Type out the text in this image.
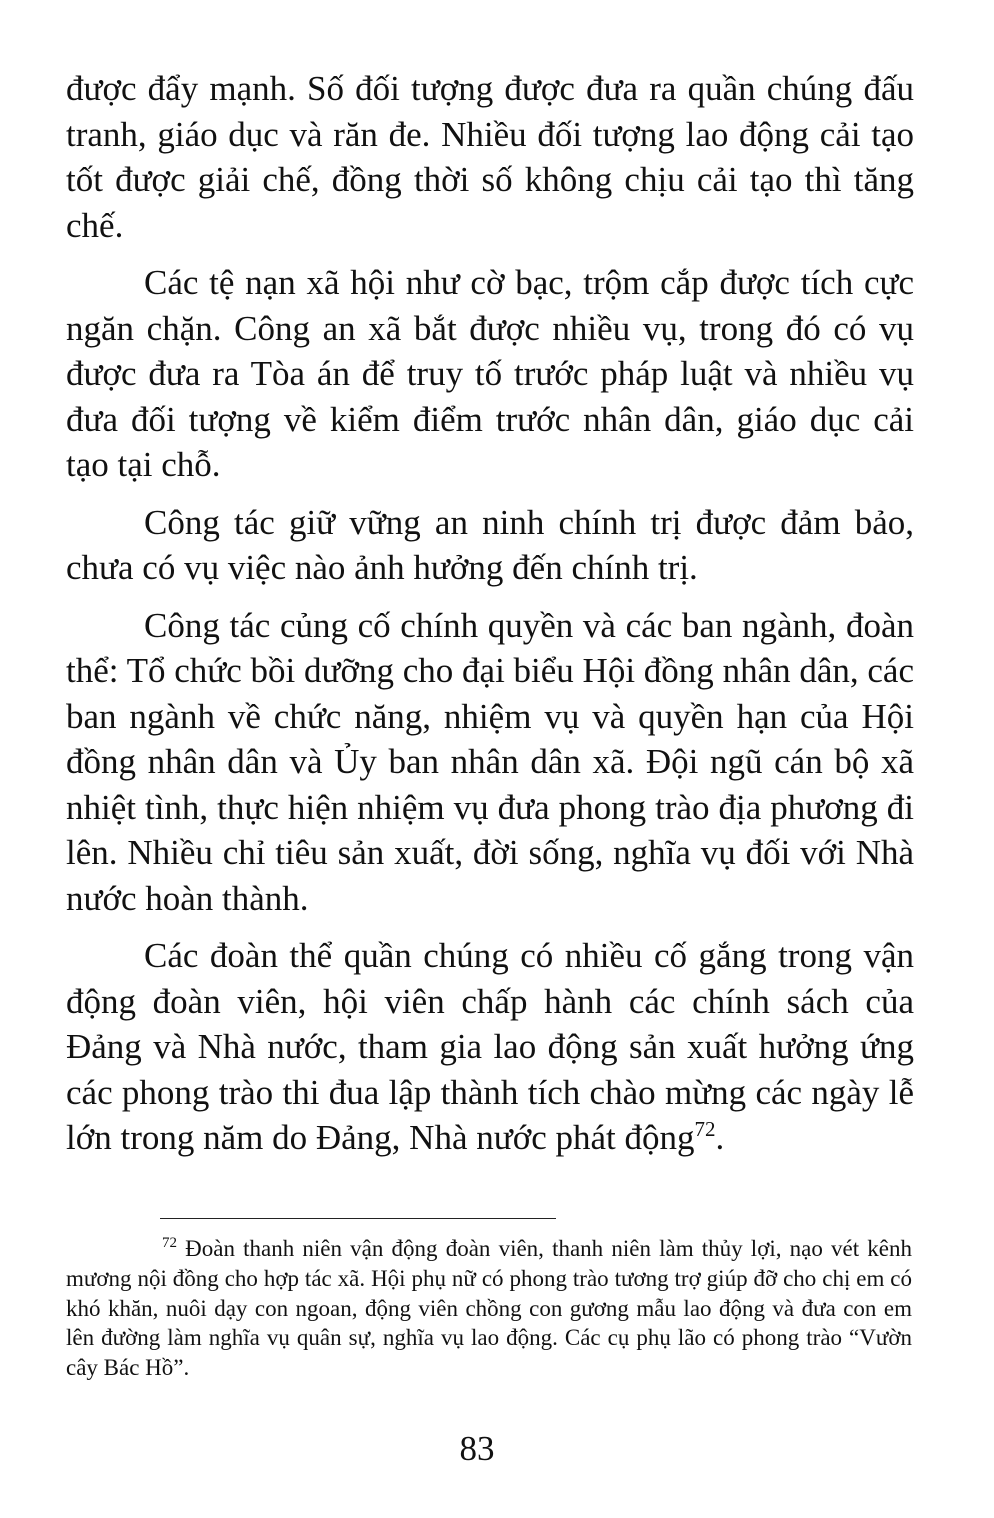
được đẩy mạnh. Số đối tượng được đưa ra quần chúng đấu tranh, giáo dục và răn đe. Nhiều đối tượng lao động cải tạo tốt được giải chế, đồng thời số không chịu cải tạo thì tăng chế.

Các tệ nạn xã hội như cờ bạc, trộm cắp được tích cực ngăn chặn. Công an xã bắt được nhiều vụ, trong đó có vụ được đưa ra Tòa án để truy tố trước pháp luật và nhiều vụ đưa đối tượng về kiểm điểm trước nhân dân, giáo dục cải tạo tại chỗ.

Công tác giữ vững an ninh chính trị được đảm bảo, chưa có vụ việc nào ảnh hưởng đến chính trị.

Công tác củng cố chính quyền và các ban ngành, đoàn thể: Tổ chức bồi dưỡng cho đại biểu Hội đồng nhân dân, các ban ngành về chức năng, nhiệm vụ và quyền hạn của Hội đồng nhân dân và Ủy ban nhân dân xã. Đội ngũ cán bộ xã nhiệt tình, thực hiện nhiệm vụ đưa phong trào địa phương đi lên. Nhiều chỉ tiêu sản xuất, đời sống, nghĩa vụ đối với Nhà nước hoàn thành.

Các đoàn thể quần chúng có nhiều cố gắng trong vận động đoàn viên, hội viên chấp hành các chính sách của Đảng và Nhà nước, tham gia lao động sản xuất hưởng ứng các phong trào thi đua lập thành tích chào mừng các ngày lễ lớn trong năm do Đảng, Nhà nước phát động$^{72}$.

$^{72}$ Đoàn thanh niên vận động đoàn viên, thanh niên làm thủy lợi, nạo vét kênh mương nội đồng cho hợp tác xã. Hội phụ nữ có phong trào tương trợ giúp đỡ cho chị em có khó khăn, nuôi dạy con ngoan, động viên chồng con gương mẫu lao động và đưa con em lên đường làm nghĩa vụ quân sự, nghĩa vụ lao động. Các cụ phụ lão có phong trào “Vườn cây Bác Hồ”.

83
